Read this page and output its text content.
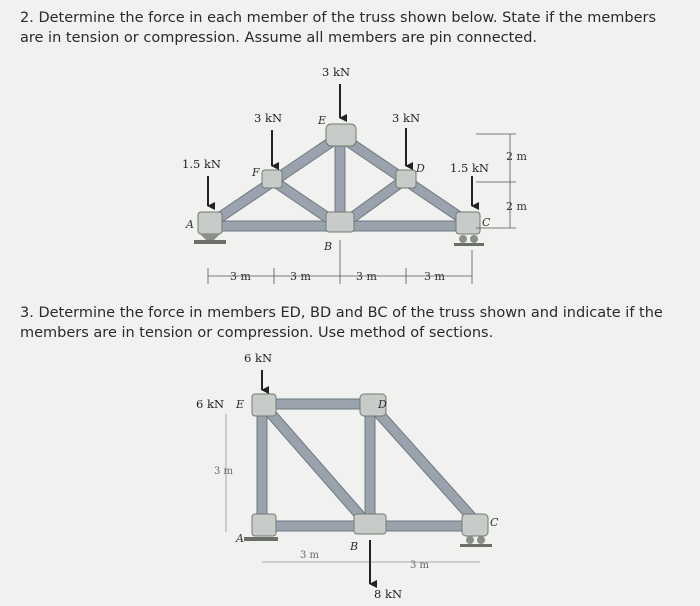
2. Determine the force in each member of the truss shown below. State if the members are in tension or compression. Assume all members are pin connected.

3 kN
3 kN	3 kN
1.5 kN	1.5 kN
E
F	D
A
B
C
3 m	3 m	3 m	3 m
2 m
2 m
6 kN
6 kN
8 kN
E	D
A
B
C
3 m
3 m
3 m

3. Determine the force in members ED, BD and BC of the truss shown and indicate if the members are in tension or compression. Use method of sections.
